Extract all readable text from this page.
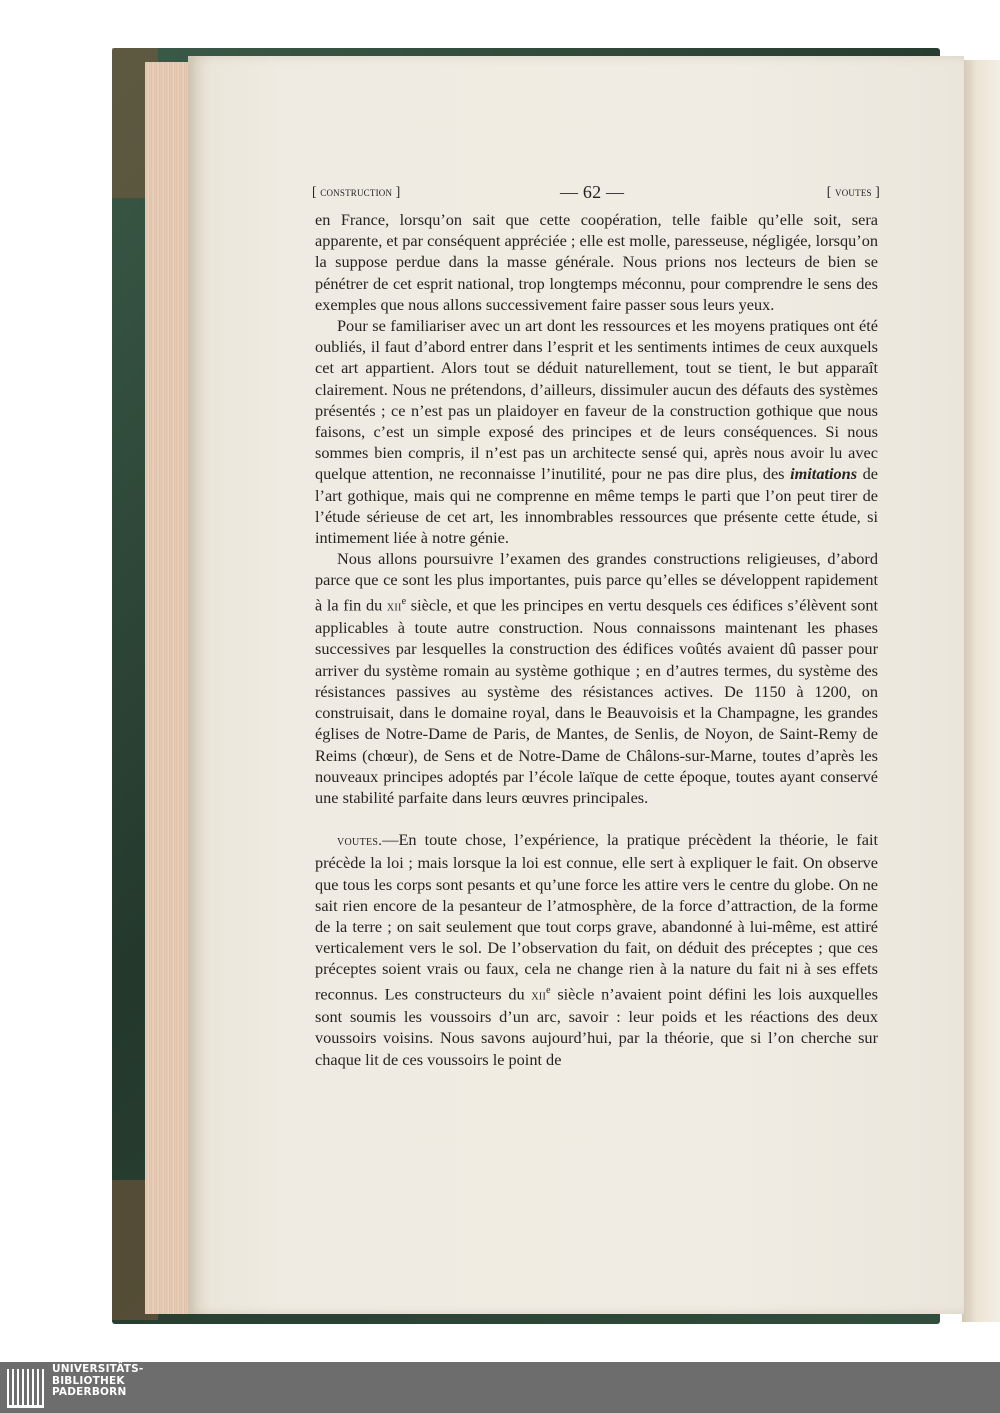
[ construction ]	— 62 —	[ voutes ]

en France, lorsqu’on sait que cette coopération, telle faible qu’elle soit, sera apparente, et par conséquent appréciée ; elle est molle, paresseuse, négligée, lorsqu’on la suppose perdue dans la masse générale. Nous prions nos lecteurs de bien se pénétrer de cet esprit national, trop longtemps méconnu, pour comprendre le sens des exemples que nous allons successivement faire passer sous leurs yeux.

Pour se familiariser avec un art dont les ressources et les moyens pratiques ont été oubliés, il faut d’abord entrer dans l’esprit et les sentiments intimes de ceux auxquels cet art appartient. Alors tout se déduit naturellement, tout se tient, le but apparaît clairement. Nous ne prétendons, d’ailleurs, dissimuler aucun des défauts des systèmes présentés ; ce n’est pas un plaidoyer en faveur de la construction gothique que nous faisons, c’est un simple exposé des principes et de leurs conséquences. Si nous sommes bien compris, il n’est pas un architecte sensé qui, après nous avoir lu avec quelque attention, ne reconnaisse l’inutilité, pour ne pas dire plus, des imitations de l’art gothique, mais qui ne comprenne en même temps le parti que l’on peut tirer de l’étude sérieuse de cet art, les innombrables ressources que présente cette étude, si intimement liée à notre génie.

Nous allons poursuivre l’examen des grandes constructions religieuses, d’abord parce que ce sont les plus importantes, puis parce qu’elles se développent rapidement à la fin du xii$^e$ siècle, et que les principes en vertu desquels ces édifices s’élèvent sont applicables à toute autre construction. Nous connaissons maintenant les phases successives par lesquelles la construction des édifices voûtés avaient dû passer pour arriver du système romain au système gothique ; en d’autres termes, du système des résistances passives au système des résistances actives. De 1150 à 1200, on construisait, dans le domaine royal, dans le Beauvoisis et la Champagne, les grandes églises de Notre-Dame de Paris, de Mantes, de Senlis, de Noyon, de Saint-Remy de Reims (chœur), de Sens et de Notre-Dame de Châlons-sur-Marne, toutes d’après les nouveaux principes adoptés par l’école laïque de cette époque, toutes ayant conservé une stabilité parfaite dans leurs œuvres principales.

voutes.—En toute chose, l’expérience, la pratique précèdent la théorie, le fait précède la loi ; mais lorsque la loi est connue, elle sert à expliquer le fait. On observe que tous les corps sont pesants et qu’une force les attire vers le centre du globe. On ne sait rien encore de la pesanteur de l’atmosphère, de la force d’attraction, de la forme de la terre ; on sait seulement que tout corps grave, abandonné à lui-même, est attiré verticalement vers le sol. De l’observation du fait, on déduit des préceptes ; que ces préceptes soient vrais ou faux, cela ne change rien à la nature du fait ni à ses effets reconnus. Les constructeurs du xii$^e$ siècle n’avaient point défini les lois auxquelles sont soumis les voussoirs d’un arc, savoir : leur poids et les réactions des deux voussoirs voisins. Nous savons aujourd’hui, par la théorie, que si l’on cherche sur chaque lit de ces voussoirs le point de

UNIVERSITÄTS-
BIBLIOTHEK
PADERBORN
